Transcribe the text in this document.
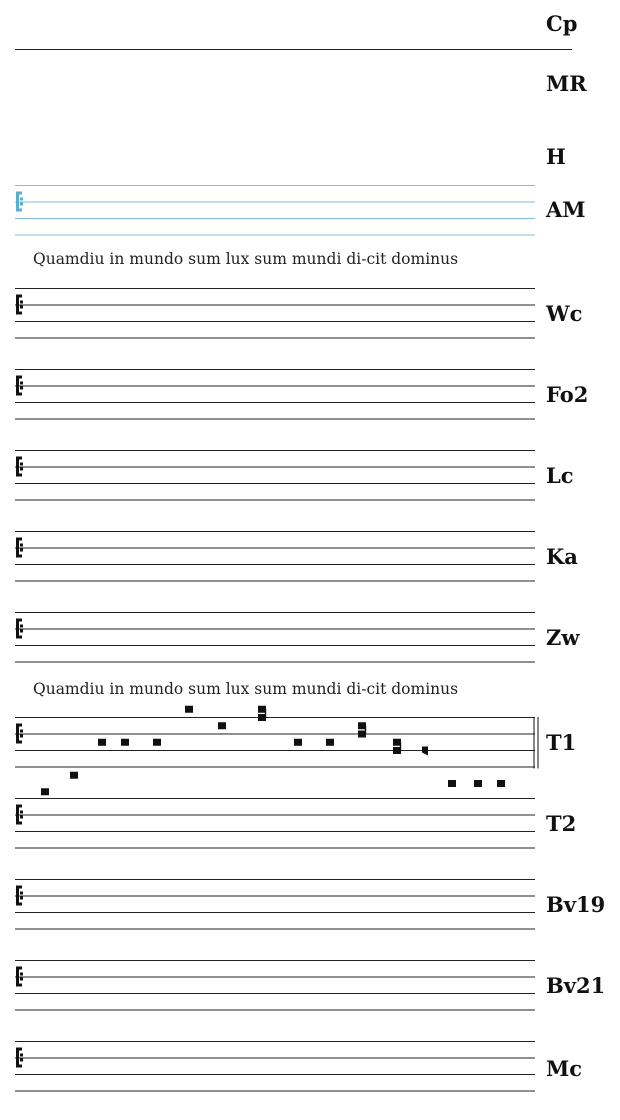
Cp
MR
H
AM
Wc
Fo2
Lc
Ka
Zw
T1
T2
Bv19
Bv21
Mc
Quamdiu in mundo sum lux sum mundi di-cit dominus
Quamdiu in mundo sum lux sum mundi di-cit dominus
